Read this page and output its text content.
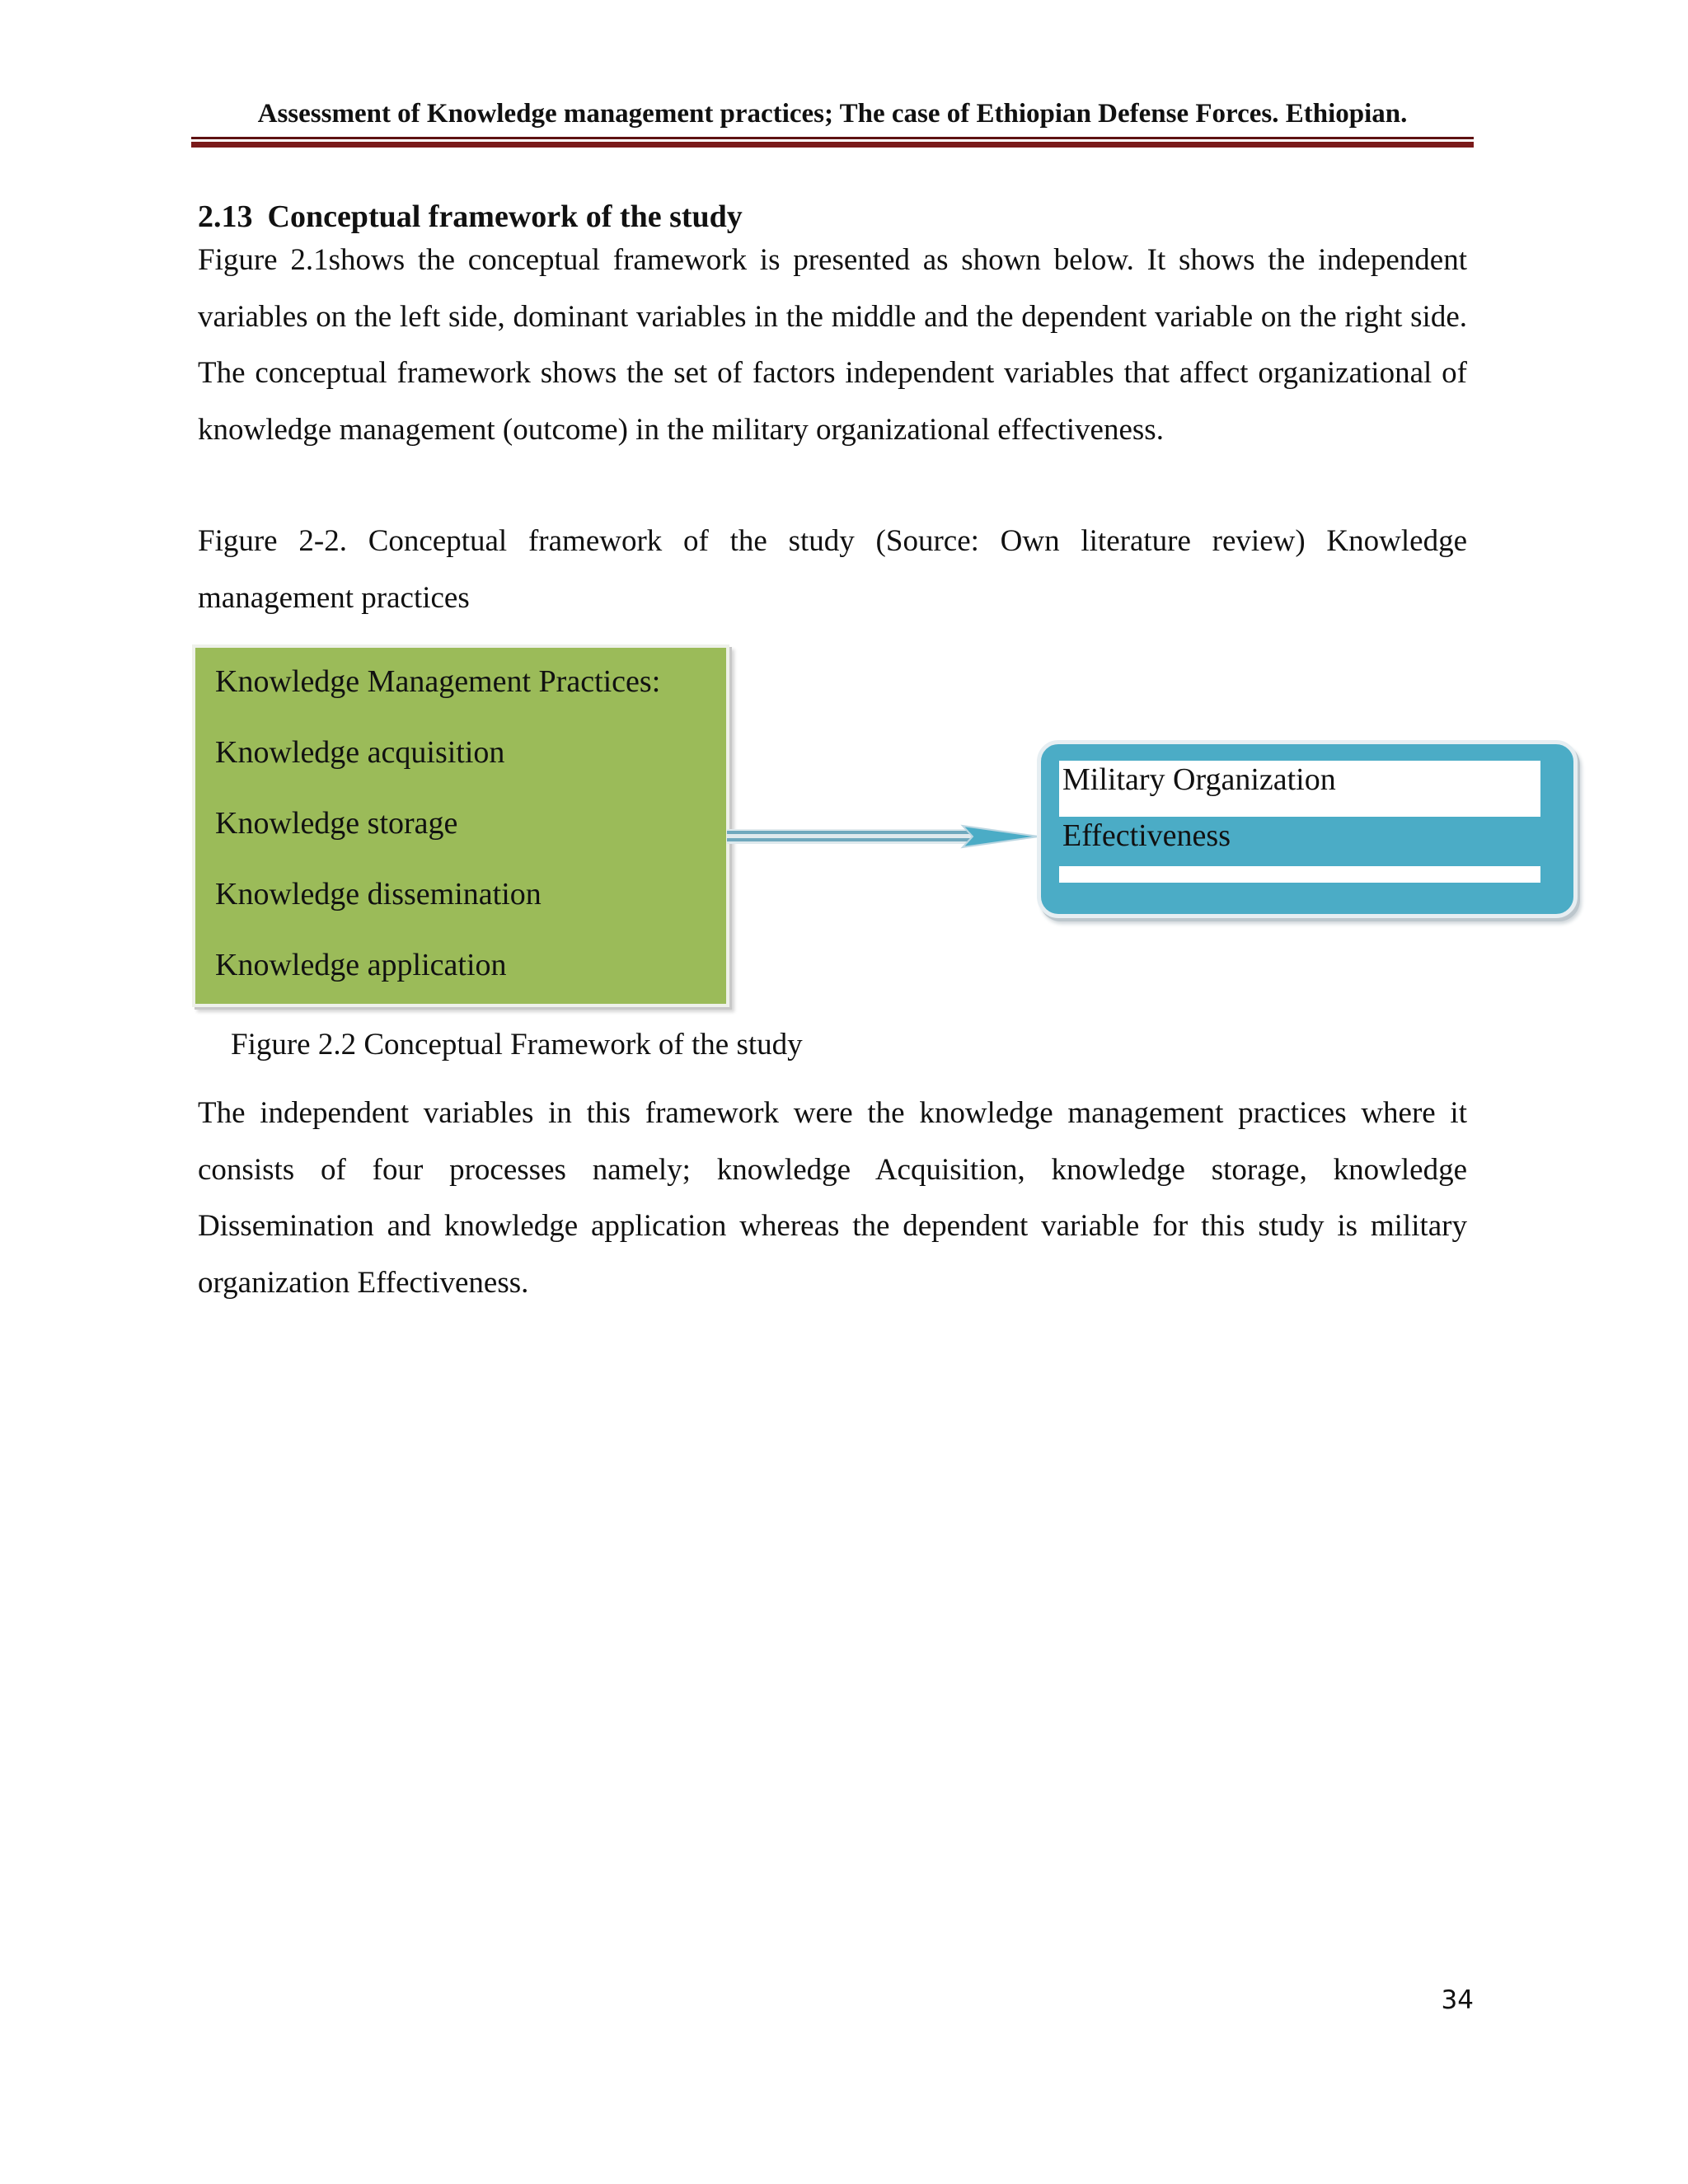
Assessment of Knowledge management practices; The case of Ethiopian Defense Forces. Ethiopian.
2.13 Conceptual framework of the study
Figure 2.1shows the conceptual framework is presented as shown below. It shows the independent variables on the left side, dominant variables in the middle and the dependent variable on the right side. The conceptual framework shows the set of factors independent variables that affect organizational of knowledge management (outcome) in the military organizational effectiveness.
Figure 2-2. Conceptual framework of the study (Source: Own literature review) Knowledge management practices
Knowledge Management Practices:
Knowledge acquisition
Knowledge storage
Knowledge dissemination
Knowledge application
Military Organization
Effectiveness
Figure 2.2 Conceptual Framework of the study
The independent variables in this framework were the knowledge management practices where it consists of four processes namely; knowledge Acquisition, knowledge storage, knowledge Dissemination and knowledge application whereas the dependent variable for this study is military organization Effectiveness.
34
